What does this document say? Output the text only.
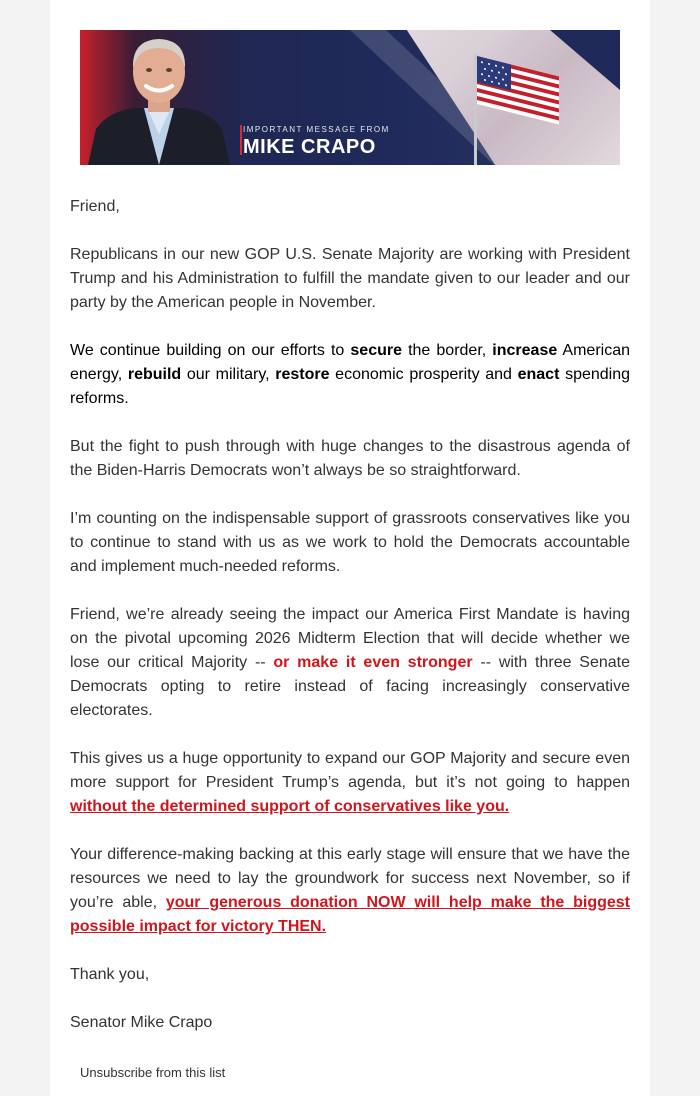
IMPORTANT MESSAGE FROM
MIKE CRAPO

Friend,

Republicans in our new GOP U.S. Senate Majority are working with President Trump and his Administration to fulfill the mandate given to our leader and our party by the American people in November.

We continue building on our efforts to secure the border, increase American energy, rebuild our military, restore economic prosperity and enact spending reforms.

But the fight to push through with huge changes to the disastrous agenda of the Biden-Harris Democrats won’t always be so straightforward.

I’m counting on the indispensable support of grassroots conservatives like you to continue to stand with us as we work to hold the Democrats accountable and implement much-needed reforms.

Friend, we’re already seeing the impact our America First Mandate is having on the pivotal upcoming 2026 Midterm Election that will decide whether we lose our critical Majority -- or make it even stronger -- with three Senate Democrats opting to retire instead of facing increasingly conservative electorates.

This gives us a huge opportunity to expand our GOP Majority and secure even more support for President Trump’s agenda, but it’s not going to happen without the determined support of conservatives like you.

Your difference-making backing at this early stage will ensure that we have the resources we need to lay the groundwork for success next November, so if you’re able, your generous donation NOW will help make the biggest possible impact for victory THEN.

Thank you,

Senator Mike Crapo

Unsubscribe from this list
